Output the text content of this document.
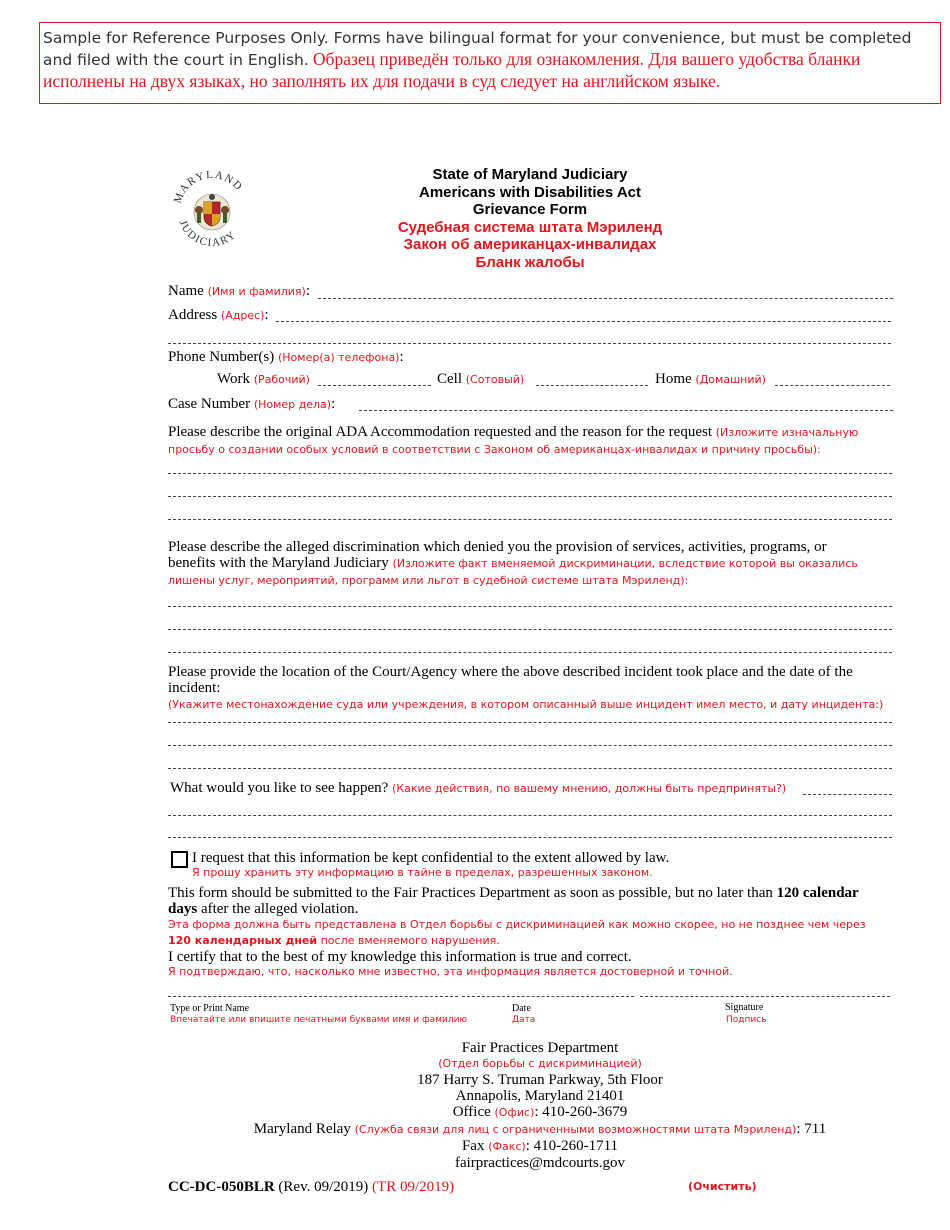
Sample for Reference Purposes Only. Forms have bilingual format for your convenience, but must be completed and filed with the court in English. Образец приведён только для ознакомления. Для вашего удобства бланки исполнены на двух языках, но заполнять их для подачи в суд следует на английском языке.
MARYLAND
JUDICIARY
State of Maryland Judiciary
Americans with Disabilities Act
Grievance Form
Судебная система штата Мэриленд
Закон об американцах-инвалидах
Бланк жалобы
Name (Имя и фамилия):
Address (Адрес):
Phone Number(s) (Номер(а) телефона):
Work (Рабочий)	Cell (Сотовый)	Home (Домашний)
Case Number (Номер дела):
Please describe the original ADA Accommodation requested and the reason for the request (Изложите изначальную
просьбу о создании особых условий в соответствии с Законом об американцах-инвалидах и причину просьбы):
Please describe the alleged discrimination which denied you the provision of services, activities, programs, or
benefits with the Maryland Judiciary (Изложите факт вменяемой дискриминации, вследствие которой вы оказались
лишены услуг, мероприятий, программ или льгот в судебной системе штата Мэриленд):
Please provide the location of the Court/Agency where the above described incident took place and the date of the
incident:
(Укажите местонахождение суда или учреждения, в котором описанный выше инцидент имел место, и дату инцидента:)
What would you like to see happen? (Какие действия, по вашему мнению, должны быть предприняты?)
I request that this information be kept confidential to the extent allowed by law.
Я прошу хранить эту информацию в тайне в пределах, разрешенных законом.
This form should be submitted to the Fair Practices Department as soon as possible, but no later than 120 calendar
days after the alleged violation.
Эта форма должна быть представлена в Отдел борьбы с дискриминацией как можно скорее, но не позднее чем через
120 календарных дней после вменяемого нарушения.
I certify that to the best of my knowledge this information is true and correct.
Я подтверждаю, что, насколько мне известно, эта информация является достоверной и точной.
Type or Print Name
Впечатайте или впишите печатными буквами имя и фамилию
Date
Дата
Signature
Подпись
Fair Practices Department
(Отдел борьбы с дискриминацией)
187 Harry S. Truman Parkway, 5th Floor
Annapolis, Maryland 21401
Office (Офис): 410-260-3679
Maryland Relay (Служба связи для лиц с ограниченными возможностями штата Мэриленд): 711
Fax (Факс): 410-260-1711
fairpractices@mdcourts.gov
CC-DC-050BLR (Rev. 09/2019) (TR 09/2019)	(Очистить)
